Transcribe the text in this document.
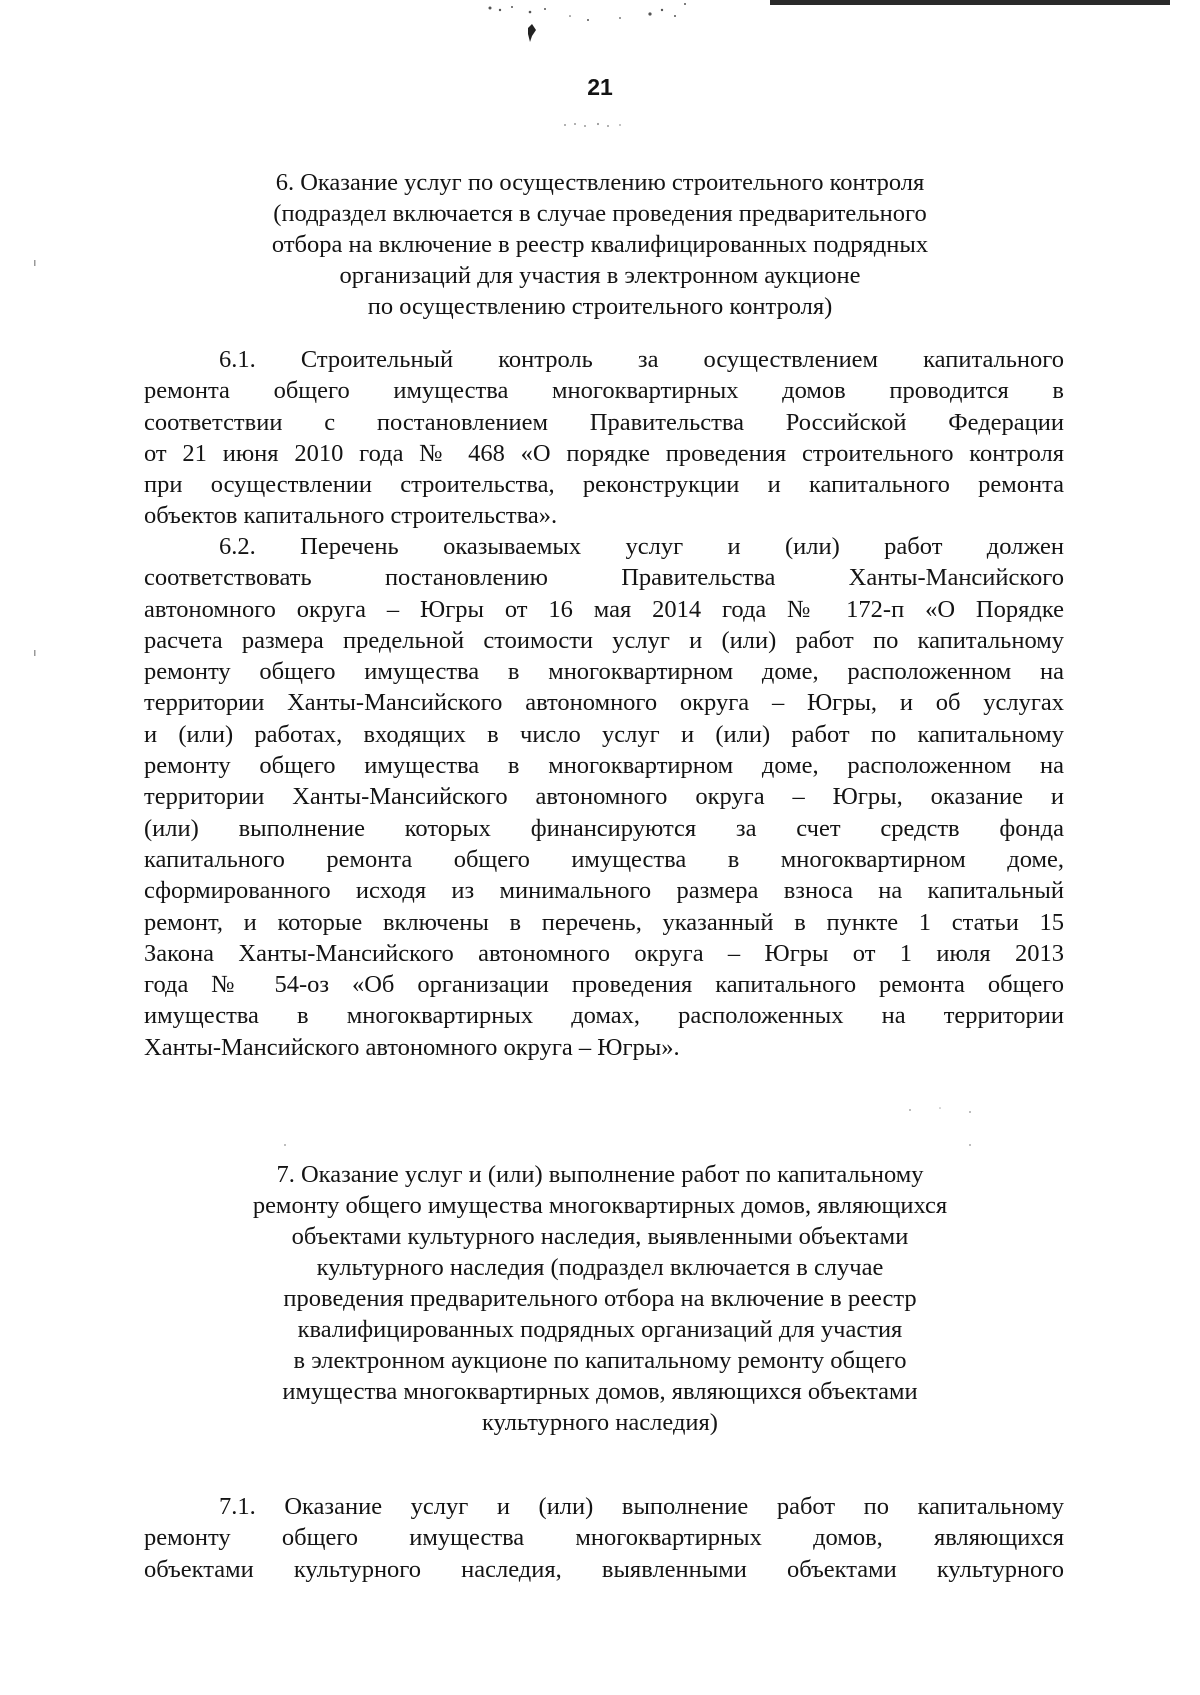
21
6. Оказание услуг по осуществлению строительного контроля
(подраздел включается в случае проведения предварительного
отбора на включение в реестр квалифицированных подрядных
организаций для участия в электронном аукционе
по осуществлению строительного контроля)
6.1. Строительный контроль за осуществлением капитального
ремонта общего имущества многоквартирных домов проводится в
соответствии с постановлением Правительства Российской Федерации
от 21 июня 2010 года № 468 «О порядке проведения строительного контроля
при осуществлении строительства, реконструкции и капитального ремонта
объектов капитального строительства».
6.2. Перечень оказываемых услуг и (или) работ должен
соответствовать постановлению Правительства Ханты-Мансийского
автономного округа – Югры от 16 мая 2014 года № 172-п «О Порядке
расчета размера предельной стоимости услуг и (или) работ по капитальному
ремонту общего имущества в многоквартирном доме, расположенном на
территории Ханты-Мансийского автономного округа – Югры, и об услугах
и (или) работах, входящих в число услуг и (или) работ по капитальному
ремонту общего имущества в многоквартирном доме, расположенном на
территории Ханты-Мансийского автономного округа – Югры, оказание и
(или) выполнение которых финансируются за счет средств фонда
капитального ремонта общего имущества в многоквартирном доме,
сформированного исходя из минимального размера взноса на капитальный
ремонт, и которые включены в перечень, указанный в пункте 1 статьи 15
Закона Ханты-Мансийского автономного округа – Югры от 1 июля 2013
года № 54-оз «Об организации проведения капитального ремонта общего
имущества в многоквартирных домах, расположенных на территории
Ханты-Мансийского автономного округа – Югры».
7. Оказание услуг и (или) выполнение работ по капитальному
ремонту общего имущества многоквартирных домов, являющихся
объектами культурного наследия, выявленными объектами
культурного наследия (подраздел включается в случае
проведения предварительного отбора на включение в реестр
квалифицированных подрядных организаций для участия
в электронном аукционе по капитальному ремонту общего
имущества многоквартирных домов, являющихся объектами
культурного наследия)
7.1. Оказание услуг и (или) выполнение работ по капитальному
ремонту общего имущества многоквартирных домов, являющихся
объектами культурного наследия, выявленными объектами культурного
